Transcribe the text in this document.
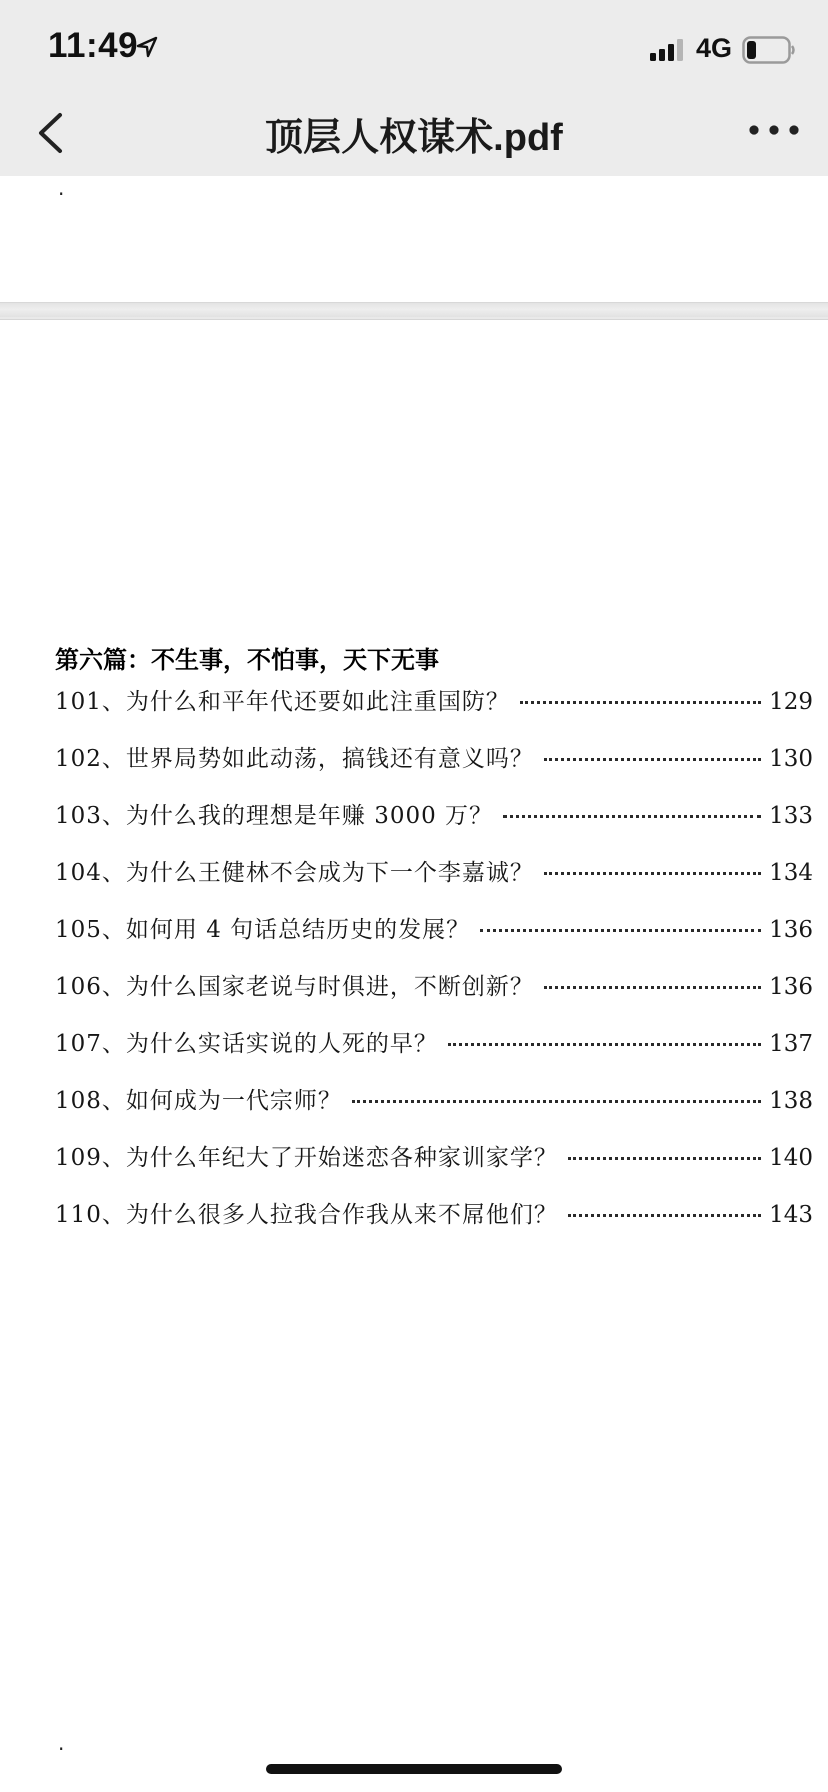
11:49	4G
顶层人权谋术.pdf
.
第六篇：不生事，不怕事，天下无事
101、为什么和平年代还要如此注重国防？	129
102、世界局势如此动荡，搞钱还有意义吗？	130
103、为什么我的理想是年赚 3000 万？	133
104、为什么王健林不会成为下一个李嘉诚？	134
105、如何用 4 句话总结历史的发展？	136
106、为什么国家老说与时俱进，不断创新？	136
107、为什么实话实说的人死的早？	137
108、如何成为一代宗师？	138
109、为什么年纪大了开始迷恋各种家训家学？	140
110、为什么很多人拉我合作我从来不屌他们？	143
.
